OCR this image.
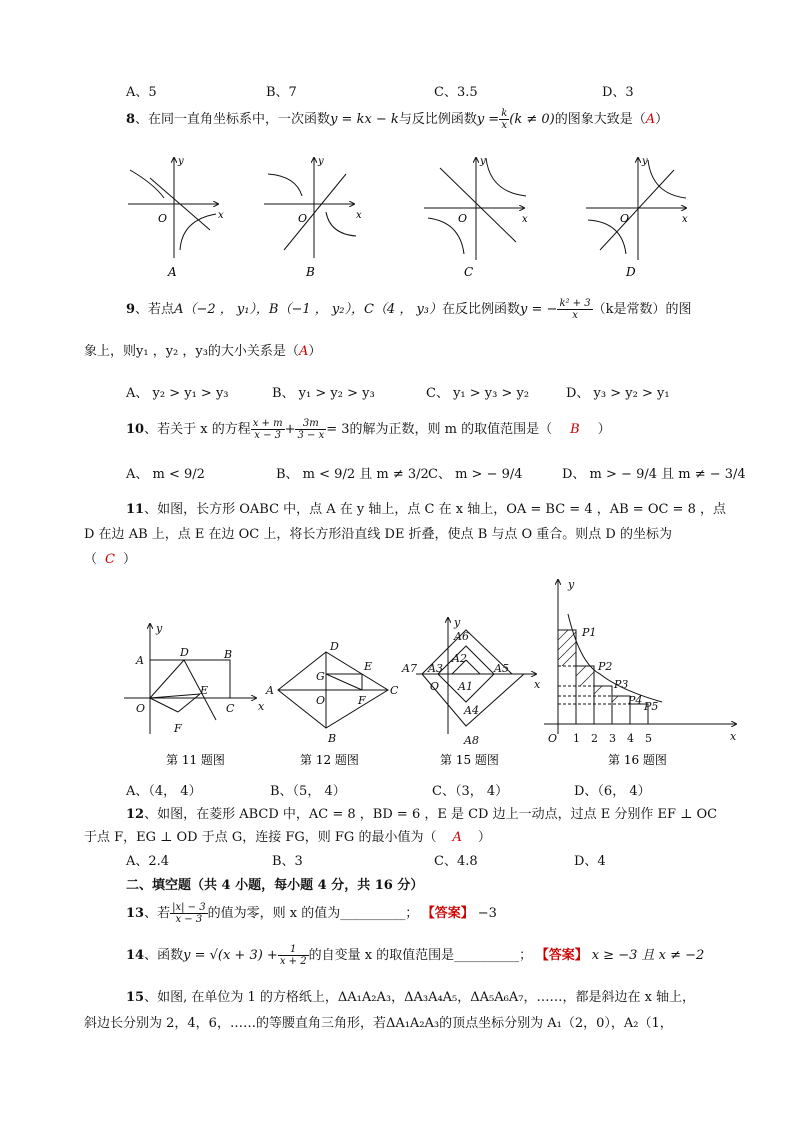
A、5	B、7	C、3.5	D、3
8、在同一直角坐标系中，一次函数y = kx − k与反比例函数$y = \frac{k}{x} (k \ne 0)$的图象大致是（A）
y
x
O
A
y
x
O
B
y
x
O
C
y
x
O
D
9、若点A（−2 ， y₁），B（−1 ， y₂），C（4 ， y₃）在反比例函数y = − $\frac{\text{k² + 3}}{x} (k$是常数）的图
象上，则y₁ ，y₂ ，y₃的大小关系是（A）
A、 y₂ > y₁ > y₃	B、 y₁ > y₂ > y₃	C、 y₁ > y₃ > y₂	D、 y₃ > y₂ > y₁
10、若关于 x 的方程 $\frac{x + m}{x - 3} + \frac{3m}{3 - x} = 3$的解为正数，则 m 的取值范围是（ B ）
A、 m < 9/2	B、 m < 9/2 且 m ≠ 3/2 C、 m > − 9/4	D、 m > − 9/4 且 m ≠ − 3/4
11、如图，长方形 OABC 中，点 A 在 y 轴上，点 C 在 x 轴上，OA = BC = 4 ，AB = OC = 8 ，点
D 在边 AB 上，点 E 在边 OC 上，将长方形沿直线 DE 折叠，使点 B 与点 O 重合。则点 D 的坐标为
（ C ）
y
x
A
D	B
O
E
C
F
第 11 题图
D
E
G
A
O	F
C
B
第 12 题图
y
x
A6
A2
A7 A3	A5
O A1
A4
A8
第 15 题图
y
x
O
P1
P2
P3
P4 P5
1 2 3 4 5
第 16 题图
A、（4， 4）	B、（5， 4）	C、（3， 4）	D、（6， 4）
12、如图，在菱形 ABCD 中，AC = 8 ，BD = 6 ，E 是 CD 边上一动点，过点 E 分别作 EF ⊥ OC
于点 F，EG ⊥ OD 于点 G，连接 FG，则 FG 的最小值为（ A ）
A、2.4	B、3	C、4.8	D、4
二、填空题（共 4 小题，每小题 4 分，共 16 分）
13、若 $\frac{|x| - 3}{x - 3}$ 的值为零，则 x 的值为__________； 【答案】 −3
14、函数$y = √(x + 3) + \frac{1}{x + 2}$ 的自变量 x 的取值范围是__________； 【答案】 x ≥ −3 且 x ≠ −2
15、如图, 在单位为 1 的方格纸上，ΔA₁A₂A₃，ΔA₃A₄A₅，ΔA₅A₆A₇，……，都是斜边在 x 轴上，
斜边长分别为 2，4，6，……的等腰直角三角形，若ΔA₁A₂A₃的顶点坐标分别为 A₁（2，0），A₂（1，
